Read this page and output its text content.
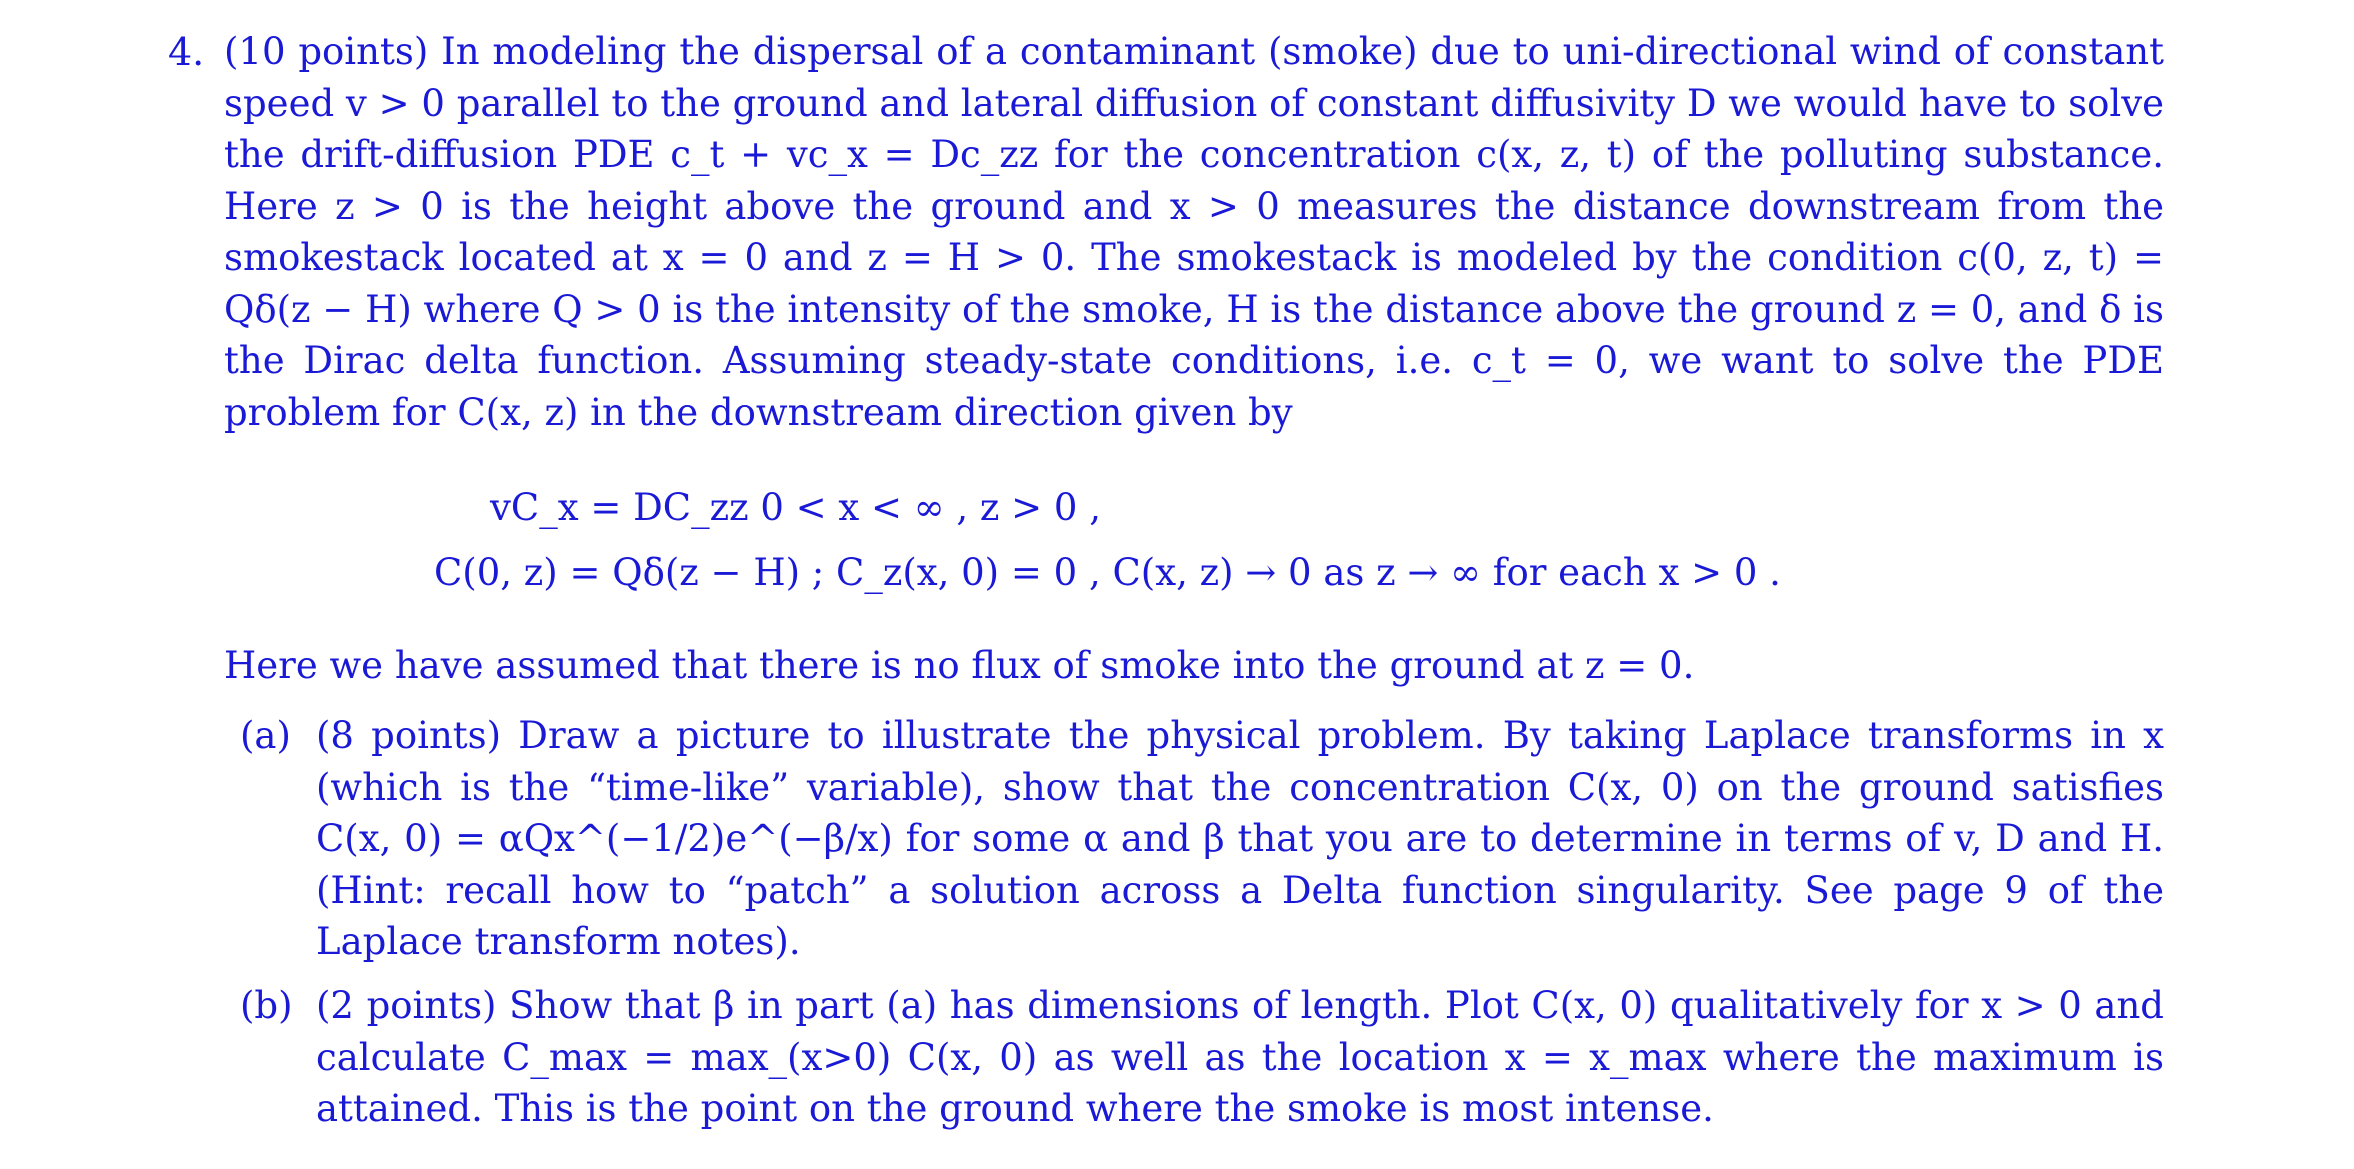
4. (10 points) In modeling the dispersal of a contaminant (smoke) due to uni-directional wind of constant speed v > 0 parallel to the ground and lateral diffusion of constant diffusivity D we would have to solve the drift-diffusion PDE c_t + vc_x = Dc_zz for the concentration c(x, z, t) of the polluting substance. Here z > 0 is the height above the ground and x > 0 measures the distance downstream from the smokestack located at x = 0 and z = H > 0. The smokestack is modeled by the condition c(0, z, t) = Qδ(z − H) where Q > 0 is the intensity of the smoke, H is the distance above the ground z = 0, and δ is the Dirac delta function. Assuming steady-state conditions, i.e. c_t = 0, we want to solve the PDE problem for C(x, z) in the downstream direction given by
vC_x = DC_zz 0 < x < ∞ , z > 0 ,
C(0, z) = Qδ(z − H) ; C_z(x, 0) = 0 , C(x, z) → 0 as z → ∞ for each x > 0 .
Here we have assumed that there is no flux of smoke into the ground at z = 0.
(a) (8 points) Draw a picture to illustrate the physical problem. By taking Laplace transforms in x (which is the “time-like” variable), show that the concentration C(x, 0) on the ground satisfies C(x, 0) = αQx^(−1/2)e^(−β/x) for some α and β that you are to determine in terms of v, D and H. (Hint: recall how to “patch” a solution across a Delta function singularity. See page 9 of the Laplace transform notes).
(b) (2 points) Show that β in part (a) has dimensions of length. Plot C(x, 0) qualitatively for x > 0 and calculate C_max = max_(x>0) C(x, 0) as well as the location x = x_max where the maximum is attained. This is the point on the ground where the smoke is most intense.
